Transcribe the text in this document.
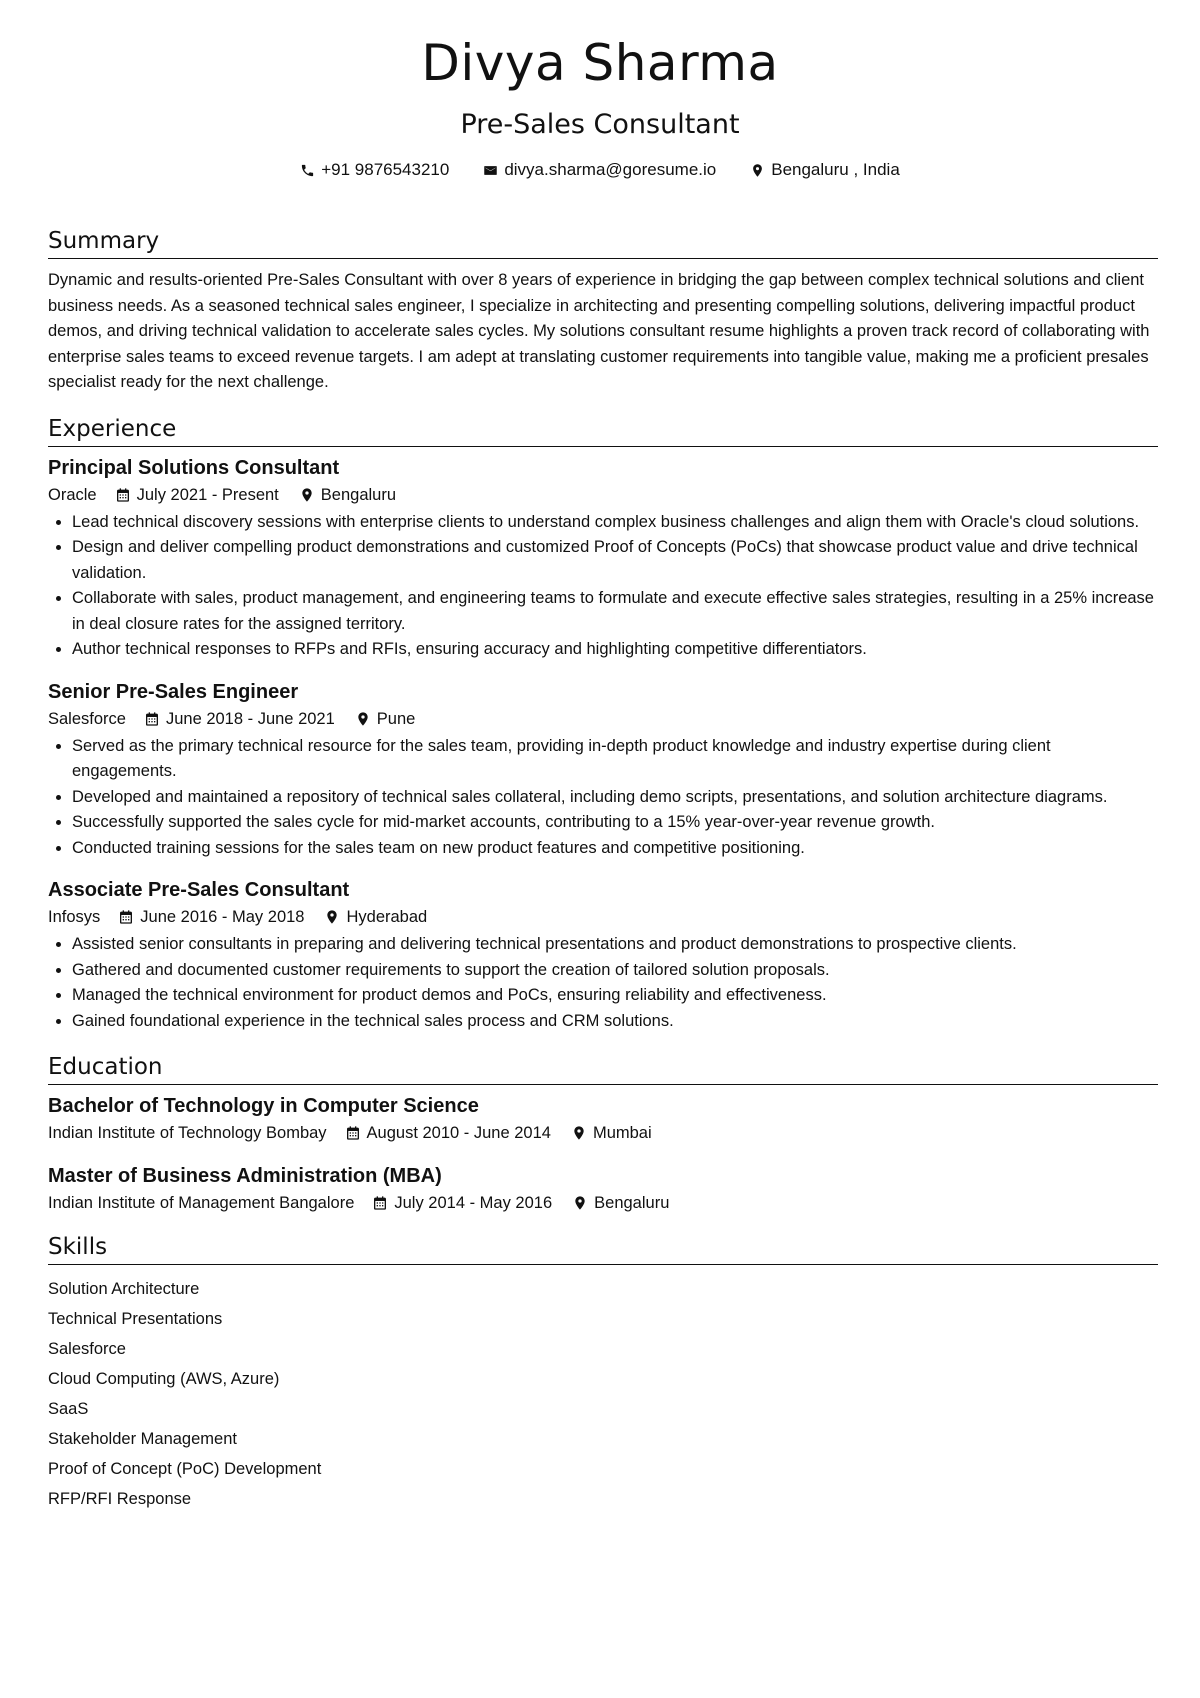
Divya Sharma
Pre-Sales Consultant
+91 9876543210	divya.sharma@goresume.io	Bengaluru , India
Summary

Dynamic and results-oriented Pre-Sales Consultant with over 8 years of experience in bridging the gap between complex technical solutions and client business needs. As a seasoned technical sales engineer, I specialize in architecting and presenting compelling solutions, delivering impactful product demos, and driving technical validation to accelerate sales cycles. My solutions consultant resume highlights a proven track record of collaborating with enterprise sales teams to exceed revenue targets. I am adept at translating customer requirements into tangible value, making me a proficient presales specialist ready for the next challenge.

Experience
Principal Solutions Consultant
Oracle July 2021 - Present	Bengaluru
• Lead technical discovery sessions with enterprise clients to understand complex business challenges and align them with Oracle's cloud solutions.
• Design and deliver compelling product demonstrations and customized Proof of Concepts (PoCs) that showcase product value and drive technical validation.
• Collaborate with sales, product management, and engineering teams to formulate and execute effective sales strategies, resulting in a 25% increase in deal closure rates for the assigned territory.
• Author technical responses to RFPs and RFIs, ensuring accuracy and highlighting competitive differentiators.
Senior Pre-Sales Engineer
Salesforce June 2018 - June 2021	Pune
• Served as the primary technical resource for the sales team, providing in-depth product knowledge and industry expertise during client engagements.
• Developed and maintained a repository of technical sales collateral, including demo scripts, presentations, and solution architecture diagrams.
• Successfully supported the sales cycle for mid-market accounts, contributing to a 15% year-over-year revenue growth.
• Conducted training sessions for the sales team on new product features and competitive positioning.
Associate Pre-Sales Consultant
Infosys June 2016 - May 2018	Hyderabad
• Assisted senior consultants in preparing and delivering technical presentations and product demonstrations to prospective clients.
• Gathered and documented customer requirements to support the creation of tailored solution proposals.
• Managed the technical environment for product demos and PoCs, ensuring reliability and effectiveness.
• Gained foundational experience in the technical sales process and CRM solutions.
Education
Bachelor of Technology in Computer Science
Indian Institute of Technology Bombay August 2010 - June 2014	Mumbai
Master of Business Administration (MBA)
Indian Institute of Management Bangalore July 2014 - May 2016	Bengaluru
Skills
Solution Architecture
Technical Presentations
Salesforce
Cloud Computing (AWS, Azure)
SaaS
Stakeholder Management
Proof of Concept (PoC) Development
RFP/RFI Response
